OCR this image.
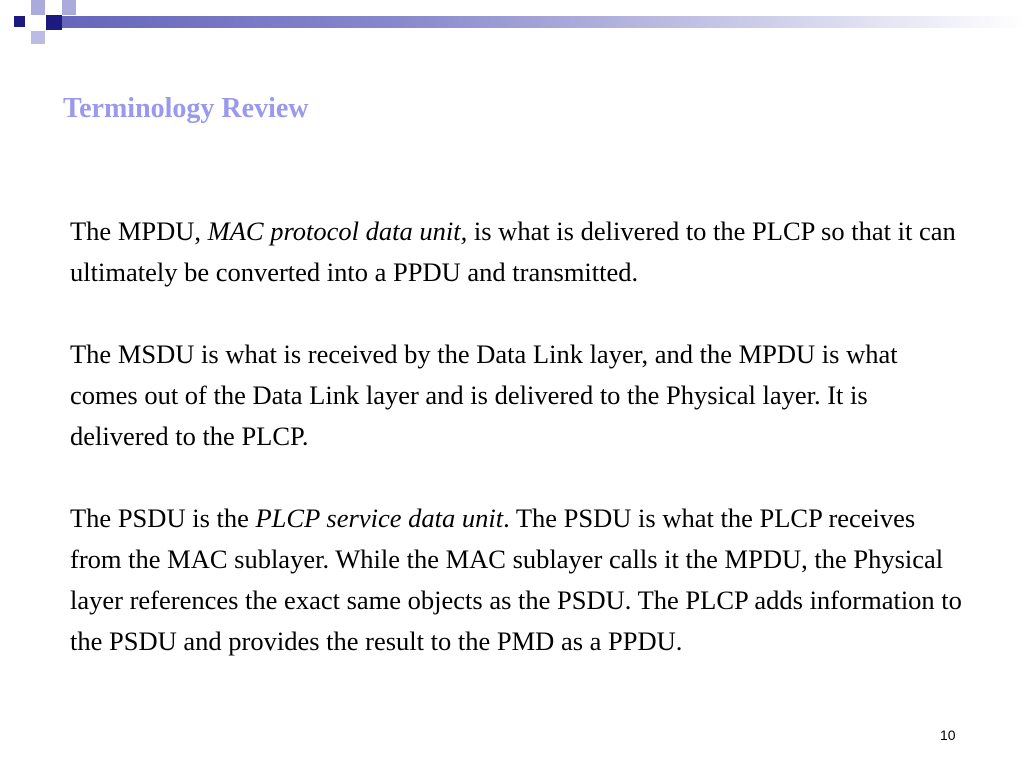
Terminology Review

The MPDU, MAC protocol data unit, is what is delivered to the PLCP so that it can ultimately be converted into a PPDU and transmitted.

The MSDU is what is received by the Data Link layer, and the MPDU is what comes out of the Data Link layer and is delivered to the Physical layer. It is delivered to the PLCP.

The PSDU is the PLCP service data unit. The PSDU is what the PLCP receives from the MAC sublayer. While the MAC sublayer calls it the MPDU, the Physical layer references the exact same objects as the PSDU. The PLCP adds information to the PSDU and provides the result to the PMD as a PPDU.

10
